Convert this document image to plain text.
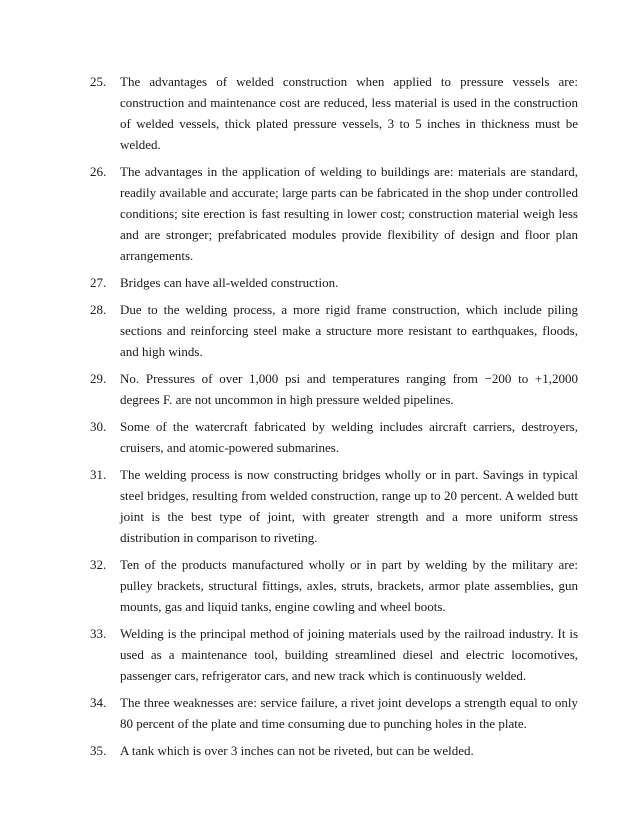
25.	The advantages of welded construction when applied to pressure vessels are: construction and maintenance cost are reduced, less material is used in the construction of welded vessels, thick plated pressure vessels, 3 to 5 inches in thickness must be welded.
26.	The advantages in the application of welding to buildings are: materials are standard, readily available and accurate; large parts can be fabricated in the shop under controlled conditions; site erection is fast resulting in lower cost; construction material weigh less and are stronger; prefabricated modules provide flexibility of design and floor plan arrangements.
27.	Bridges can have all-welded construction.
28.	Due to the welding process, a more rigid frame construction, which include piling sections and reinforcing steel make a structure more resistant to earthquakes, floods, and high winds.
29.	No. Pressures of over 1,000 psi and temperatures ranging from −200 to +1,2000 degrees F. are not uncommon in high pressure welded pipelines.
30.	Some of the watercraft fabricated by welding includes aircraft carriers, destroyers, cruisers, and atomic-powered submarines.
31.	The welding process is now constructing bridges wholly or in part. Savings in typical steel bridges, resulting from welded construction, range up to 20 percent. A welded butt joint is the best type of joint, with greater strength and a more uniform stress distribution in comparison to riveting.
32.	Ten of the products manufactured wholly or in part by welding by the military are: pulley brackets, structural fittings, axles, struts, brackets, armor plate assemblies, gun mounts, gas and liquid tanks, engine cowling and wheel boots.
33.	Welding is the principal method of joining materials used by the railroad industry. It is used as a maintenance tool, building streamlined diesel and electric locomotives, passenger cars, refrigerator cars, and new track which is continuously welded.
34.	The three weaknesses are: service failure, a rivet joint develops a strength equal to only 80 percent of the plate and time consuming due to punching holes in the plate.
35.	A tank which is over 3 inches can not be riveted, but can be welded.
